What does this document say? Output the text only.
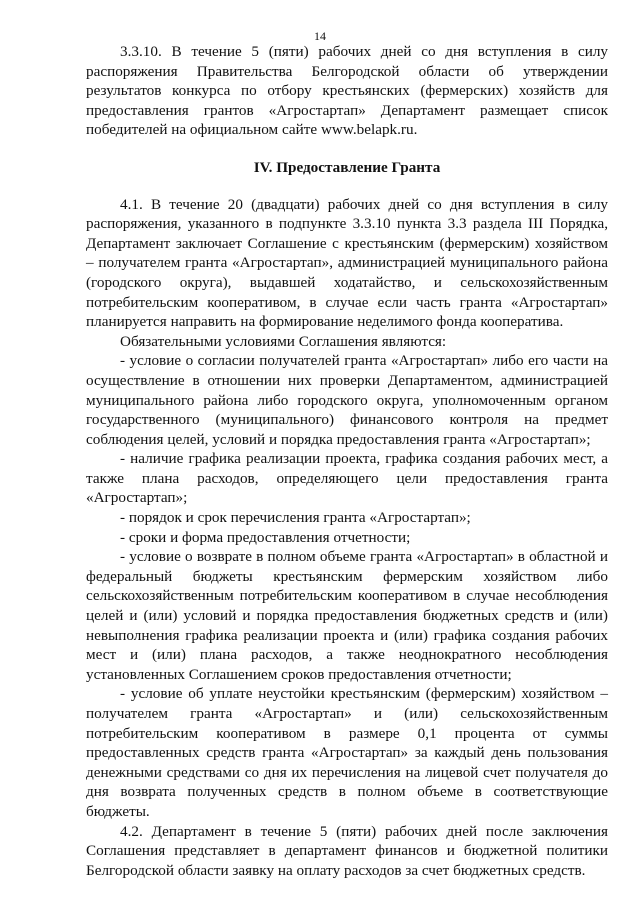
14

3.3.10. В течение 5 (пяти) рабочих дней со дня вступления в силу распоряжения Правительства Белгородской области об утверждении результатов конкурса по отбору крестьянских (фермерских) хозяйств для предоставления грантов «Агростартап» Департамент размещает список победителей на официальном сайте www.belapk.ru.

IV. Предоставление Гранта

4.1. В течение 20 (двадцати) рабочих дней со дня вступления в силу распоряжения, указанного в подпункте 3.3.10 пункта 3.3 раздела III Порядка, Департамент заключает Соглашение с крестьянским (фермерским) хозяйством – получателем гранта «Агростартап», администрацией муниципального района (городского округа), выдавшей ходатайство, и сельскохозяйственным потребительским кооперативом, в случае если часть гранта «Агростартап» планируется направить на формирование неделимого фонда кооператива.

Обязательными условиями Соглашения являются:

- условие о согласии получателей гранта «Агростартап» либо его части на осуществление в отношении них проверки Департаментом, администрацией муниципального района либо городского округа, уполномоченным органом государственного (муниципального) финансового контроля на предмет соблюдения целей, условий и порядка предоставления гранта «Агростартап»;

- наличие графика реализации проекта, графика создания рабочих мест, а также плана расходов, определяющего цели предоставления гранта «Агростартап»;

- порядок и срок перечисления гранта «Агростартап»;

- сроки и форма предоставления отчетности;

- условие о возврате в полном объеме гранта «Агростартап» в областной и федеральный бюджеты крестьянским фермерским хозяйством либо сельскохозяйственным потребительским кооперативом в случае несоблюдения целей и (или) условий и порядка предоставления бюджетных средств и (или) невыполнения графика реализации проекта и (или) графика создания рабочих мест и (или) плана расходов, а также неоднократного несоблюдения установленных Соглашением сроков предоставления отчетности;

- условие об уплате неустойки крестьянским (фермерским) хозяйством – получателем гранта «Агростартап» и (или) сельскохозяйственным потребительским кооперативом в размере 0,1 процента от суммы предоставленных средств гранта «Агростартап» за каждый день пользования денежными средствами со дня их перечисления на лицевой счет получателя до дня возврата полученных средств в полном объеме в соответствующие бюджеты.

4.2. Департамент в течение 5 (пяти) рабочих дней после заключения Соглашения представляет в департамент финансов и бюджетной политики Белгородской области заявку на оплату расходов за счет бюджетных средств.
